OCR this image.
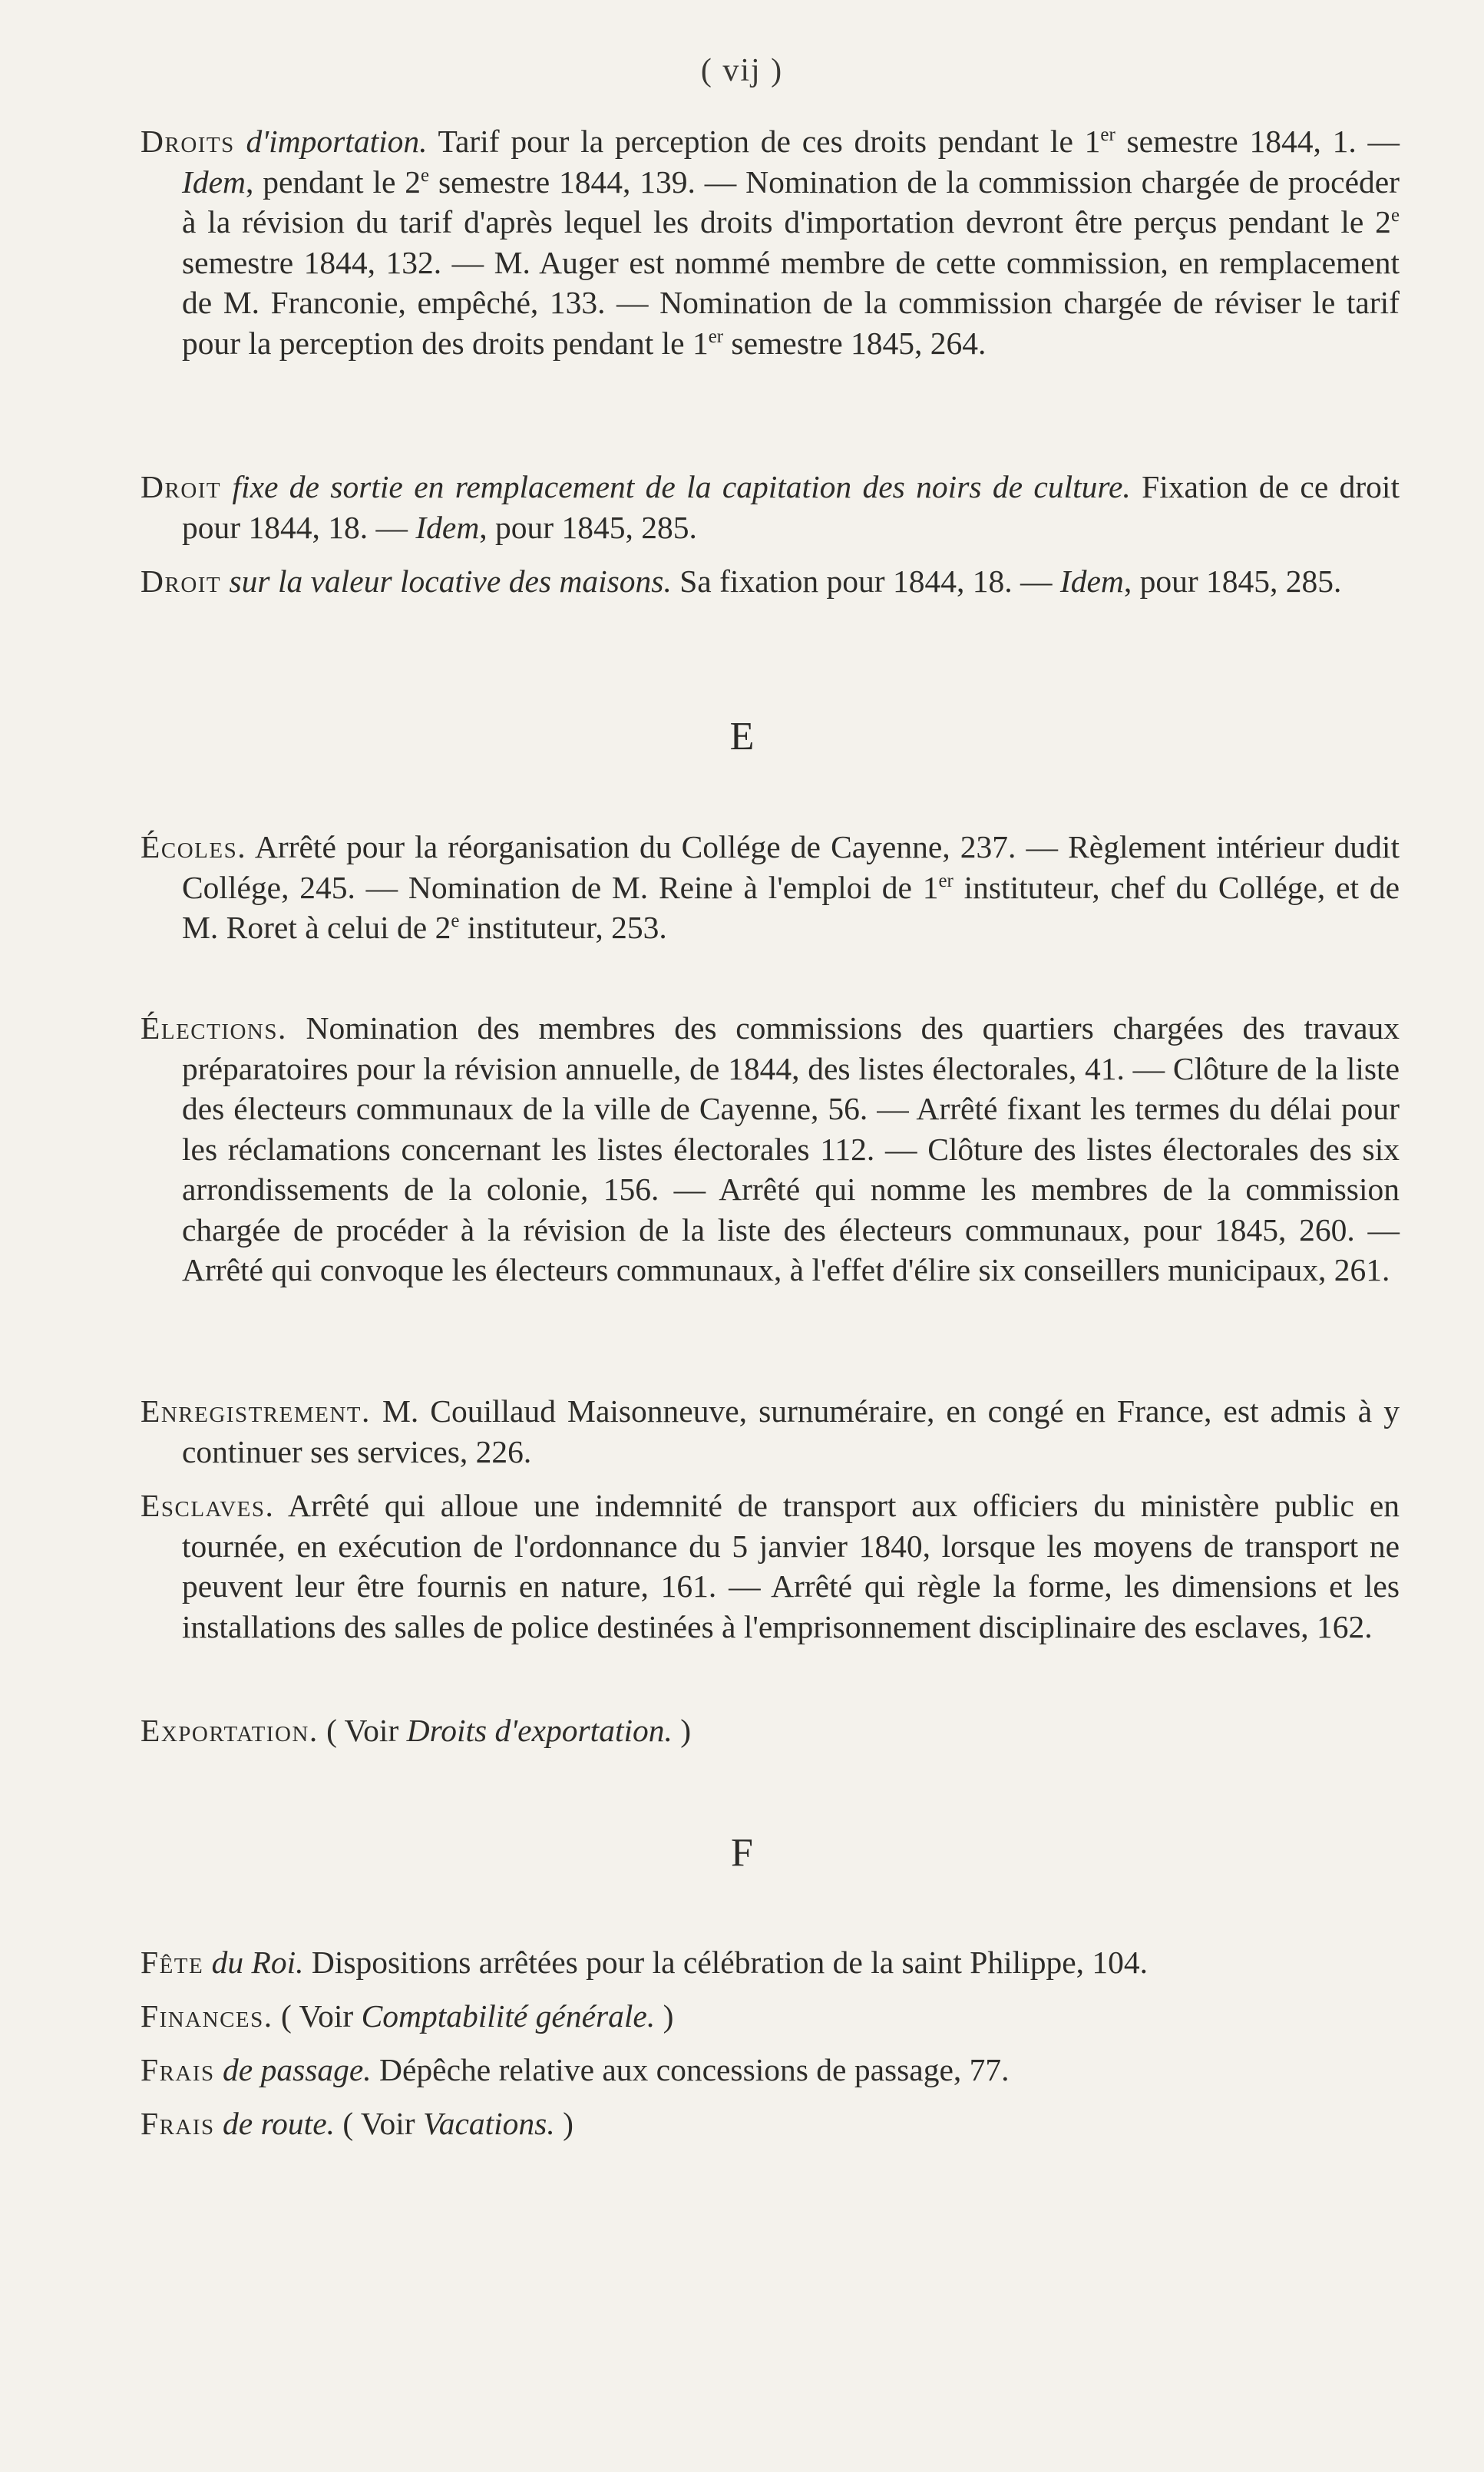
( vij )
Droits d'importation. Tarif pour la perception de ces droits pendant le 1er semestre 1844, 1. — Idem, pendant le 2e semestre 1844, 139. — Nomination de la commission chargée de procéder à la révision du tarif d'après lequel les droits d'importation devront être perçus pendant le 2e semestre 1844, 132. — M. Auger est nommé membre de cette commission, en remplacement de M. Franconie, empêché, 133. — Nomination de la commission chargée de réviser le tarif pour la perception des droits pendant le 1er semestre 1845, 264.
Droit fixe de sortie en remplacement de la capitation des noirs de culture. Fixation de ce droit pour 1844, 18. — Idem, pour 1845, 285.
Droit sur la valeur locative des maisons. Sa fixation pour 1844, 18. — Idem, pour 1845, 285.
E
Écoles. Arrêté pour la réorganisation du Collége de Cayenne, 237. — Règlement intérieur dudit Collége, 245. — Nomination de M. Reine à l'emploi de 1er instituteur, chef du Collége, et de M. Roret à celui de 2e instituteur, 253.
Élections. Nomination des membres des commissions des quartiers chargées des travaux préparatoires pour la révision annuelle, de 1844, des listes électorales, 41. — Clôture de la liste des électeurs communaux de la ville de Cayenne, 56. — Arrêté fixant les termes du délai pour les réclamations concernant les listes électorales 112. — Clôture des listes électorales des six arrondissements de la colonie, 156. — Arrêté qui nomme les membres de la commission chargée de procéder à la révision de la liste des électeurs communaux, pour 1845, 260. — Arrêté qui convoque les électeurs communaux, à l'effet d'élire six conseillers municipaux, 261.
Enregistrement. M. Couillaud Maisonneuve, surnuméraire, en congé en France, est admis à y continuer ses services, 226.
Esclaves. Arrêté qui alloue une indemnité de transport aux officiers du ministère public en tournée, en exécution de l'ordonnance du 5 janvier 1840, lorsque les moyens de transport ne peuvent leur être fournis en nature, 161. — Arrêté qui règle la forme, les dimensions et les installations des salles de police destinées à l'emprisonnement disciplinaire des esclaves, 162.
Exportation. ( Voir Droits d'exportation. )
F
Fête du Roi. Dispositions arrêtées pour la célébration de la saint Philippe, 104.
Finances. ( Voir Comptabilité générale. )
Frais de passage. Dépêche relative aux concessions de passage, 77.
Frais de route. ( Voir Vacations. )
